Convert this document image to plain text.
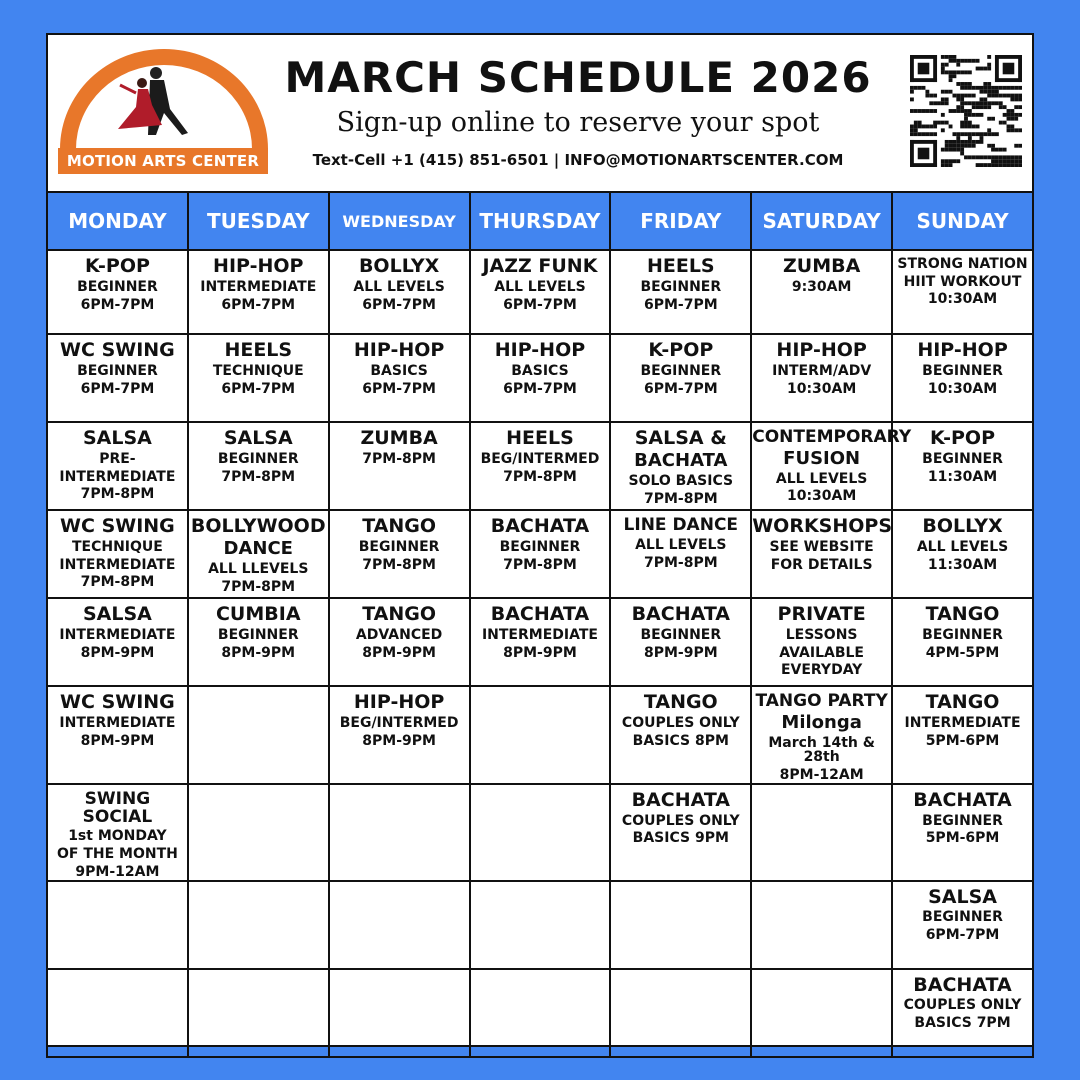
MOTION ARTS CENTER
MARCH SCHEDULE 2026
Sign-up online to reserve your spot
Text-Cell +1 (415) 851-6501 | INFO@MOTIONARTSCENTER.COM
MONDAY	TUESDAY	WEDNESDAY	THURSDAY	FRIDAY	SATURDAY	SUNDAY

K-POP
BEGINNER
6PM-7PM	HIP-HOP
INTERMEDIATE
6PM-7PM	BOLLYX
ALL LEVELS
6PM-7PM	JAZZ FUNK
ALL LEVELS
6PM-7PM	HEELS
BEGINNER
6PM-7PM	ZUMBA
9:30AM	STRONG NATION
HIIT WORKOUT
10:30AM

WC SWING
BEGINNER
6PM-7PM	HEELS
TECHNIQUE
6PM-7PM	HIP-HOP
BASICS
6PM-7PM	HIP-HOP
BASICS
6PM-7PM	K-POP
BEGINNER
6PM-7PM	HIP-HOP
INTERM/ADV
10:30AM	HIP-HOP
BEGINNER
10:30AM

SALSA
PRE-
INTERMEDIATE
7PM-8PM	SALSA
BEGINNER
7PM-8PM	ZUMBA
7PM-8PM	HEELS
BEG/INTERMED
7PM-8PM	SALSA &
BACHATA
SOLO BASICS
7PM-8PM	CONTEMPORARY
FUSION
ALL LEVELS
10:30AM	K-POP
BEGINNER
11:30AM

WC SWING
TECHNIQUE
INTERMEDIATE
7PM-8PM	BOLLYWOOD
DANCE
ALL LLEVELS
7PM-8PM	TANGO
BEGINNER
7PM-8PM	BACHATA
BEGINNER
7PM-8PM	LINE DANCE
ALL LEVELS
7PM-8PM	WORKSHOPS
SEE WEBSITE
FOR DETAILS	BOLLYX
ALL LEVELS
11:30AM

SALSA
INTERMEDIATE
8PM-9PM	CUMBIA
BEGINNER
8PM-9PM	TANGO
ADVANCED
8PM-9PM	BACHATA
INTERMEDIATE
8PM-9PM	BACHATA
BEGINNER
8PM-9PM	PRIVATE
LESSONS
AVAILABLE
EVERYDAY	TANGO
BEGINNER
4PM-5PM

WC SWING
INTERMEDIATE
8PM-9PM		HIP-HOP
BEG/INTERMED
8PM-9PM		TANGO
COUPLES ONLY
BASICS 8PM	TANGO PARTY
Milonga
March 14th & 28th
8PM-12AM	TANGO
INTERMEDIATE
5PM-6PM

SWING SOCIAL
1st MONDAY
OF THE MONTH
9PM-12AM				BACHATA
COUPLES ONLY
BASICS 9PM		BACHATA
BEGINNER
5PM-6PM

						SALSA
BEGINNER
6PM-7PM

						BACHATA
COUPLES ONLY
BASICS 7PM
